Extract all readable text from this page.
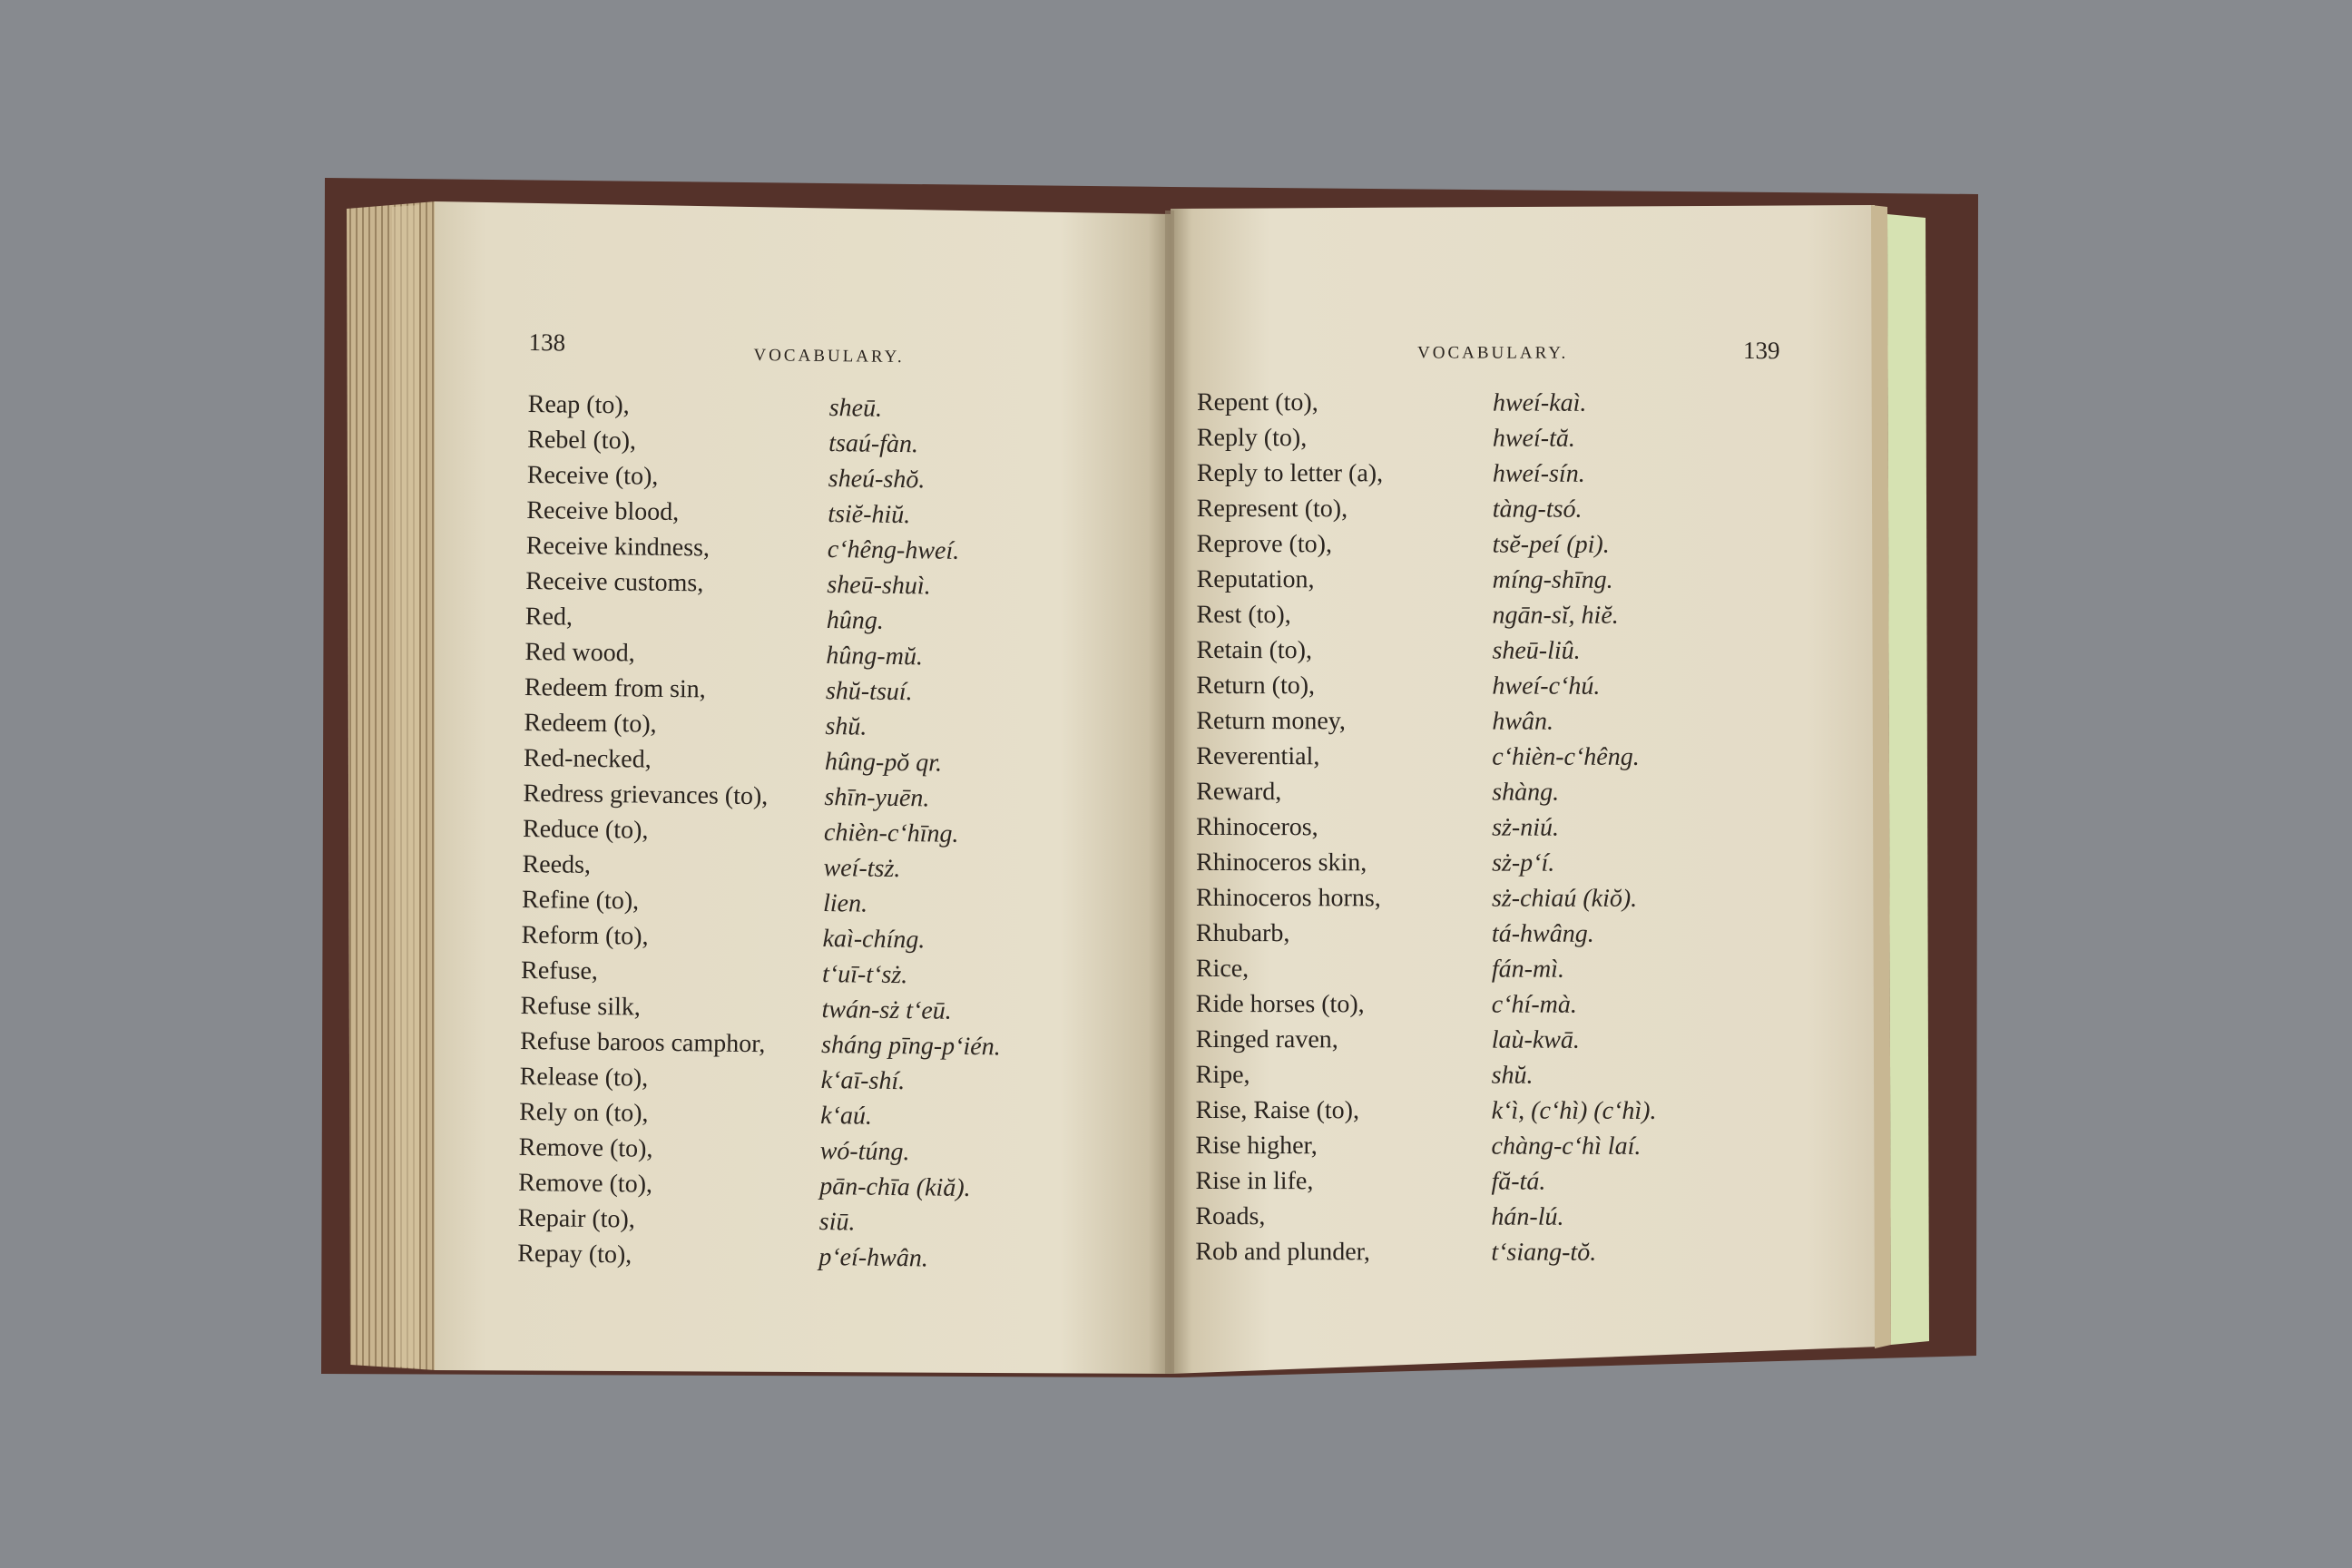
138
VOCABULARY.
Reap (to),	sheū.
Rebel (to),	tsaú-fàn.
Receive (to),	sheú-shŏ.
Receive blood,	tsiĕ-hiŭ.
Receive kindness,	c‘hêng-hweí.
Receive customs,	sheū-shuì.
Red,	hûng.
Red wood,	hûng-mŭ.
Redeem from sin,	shŭ-tsuí.
Redeem (to),	shŭ.
Red-necked,	hûng-pŏ qr.
Redress grievances (to), shīn-yuēn.
Reduce (to),	chièn-c‘hīng.
Reeds,	weí-tsż.
Refine (to),	lien.
Reform (to),	kaì-chíng.
Refuse,	t‘uī-t‘sż.
Refuse silk,	twán-sż t‘eū.
Refuse baroos camphor, sháng pīng-p‘ién.
Release (to),	k‘aī-shí.
Rely on (to),	k‘aú.
Remove (to),	wó-túng.
Remove (to),	pān-chīa (kiă).
Repair (to),	siū.
Repay (to),	p‘eí-hwân.
VOCABULARY.	139
Repent (to),	hweí-kaì.
Reply (to),	hweí-tă.
Reply to letter (a),	hweí-sín.
Represent (to),	tàng-tsó.
Reprove (to),	tsĕ-peí (pi).
Reputation,	míng-shīng.
Rest (to),	ngān-sĭ, hiĕ.
Retain (to),	sheū-liû.
Return (to),	hweí-c‘hú.
Return money,	hwân.
Reverential,	c‘hièn-c‘hêng.
Reward,	shàng.
Rhinoceros,	sż-niú.
Rhinoceros skin,	sż-p‘í.
Rhinoceros horns,	sż-chiaú (kiŏ).
Rhubarb,	tá-hwâng.
Rice,	fán-mì.
Ride horses (to),	c‘hí-mà.
Ringed raven,	laù-kwā.
Ripe,	shŭ.
Rise, Raise (to),	k‘ì, (c‘hì) (c‘hì).
Rise higher,	chàng-c‘hì laí.
Rise in life,	fă-tá.
Roads,	hán-lú.
Rob and plunder,	t‘siang-tŏ.
